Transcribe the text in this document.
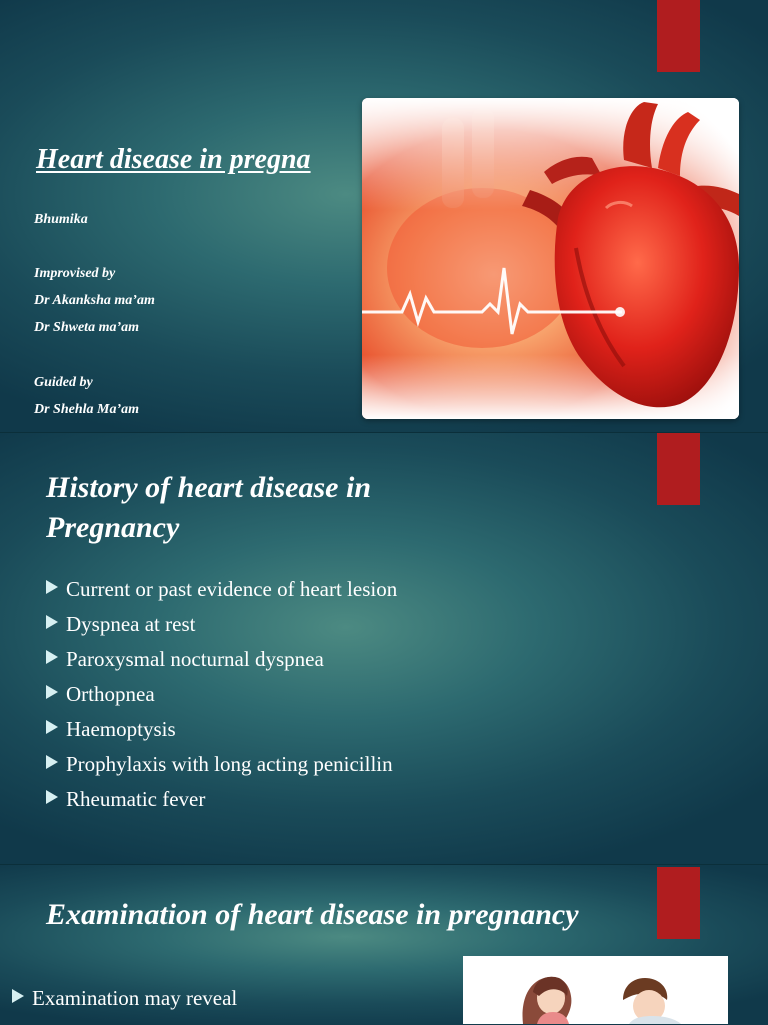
Heart disease in pregna
Bhumika
Improvised by
Dr Akanksha ma’am
Dr Shweta ma’am
Guided by
Dr Shehla Ma’am
History of heart disease in Pregnancy
Current or past evidence of heart lesion
Dyspnea at rest
Paroxysmal nocturnal dyspnea
Orthopnea
Haemoptysis
Prophylaxis with long acting penicillin
Rheumatic fever
Examination of heart disease in pregnancy
Examination may reveal
